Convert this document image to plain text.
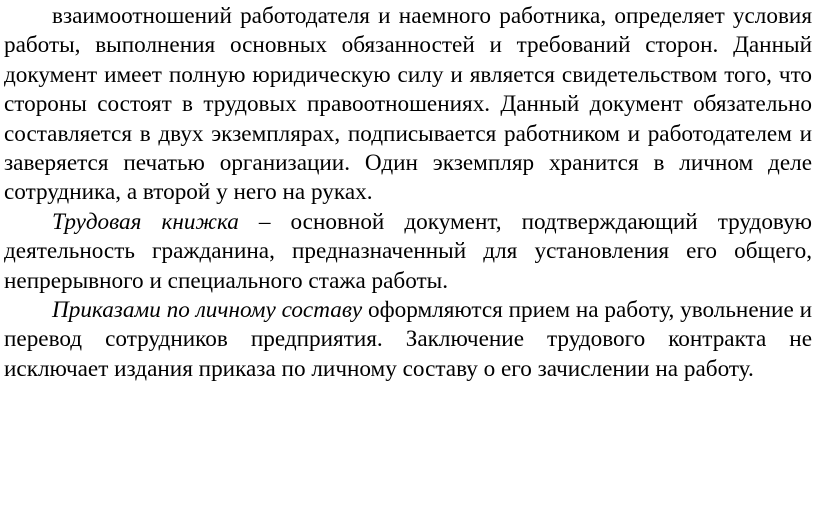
взаимоотношений работодателя и наемного работника, определяет условия работы, выполнения основных обязанностей и требований сторон. Данный документ имеет полную юридическую силу и является свидетельством того, что стороны состоят в трудовых правоотношениях. Данный документ обязательно составляется в двух экземплярах, подписывается работником и работодателем и заверяется печатью организации. Один экземпляр хранится в личном деле сотрудника, а второй у него на руках.

Трудовая книжка – основной документ, подтверждающий трудовую деятельность гражданина, предназначенный для установления его общего, непрерывного и специального стажа работы.

Приказами по личному составу оформляются прием на работу, увольнение и перевод сотрудников предприятия. Заключение трудового контракта не исключает издания приказа по личному составу о его зачислении на работу.
